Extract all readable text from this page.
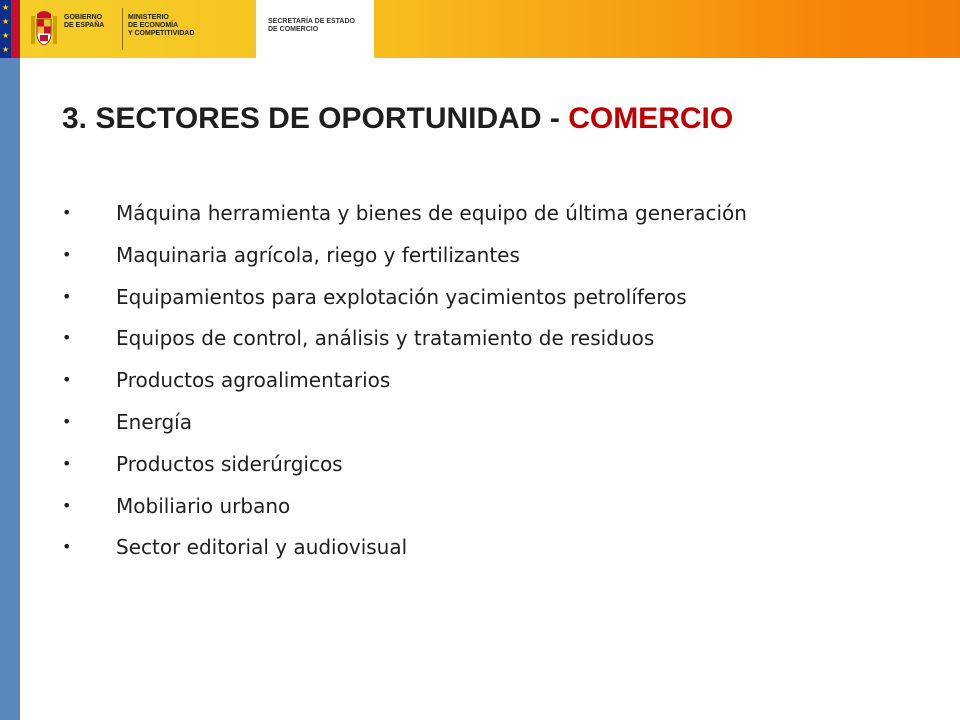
★
★
★
★
GOBIERNO
DE ESPAÑA
MINISTERIO
DE ECONOMÍA
Y COMPETITIVIDAD
SECRETARÍA DE ESTADO
DE COMERCIO
3. SECTORES DE OPORTUNIDAD - COMERCIO
•	Máquina herramienta y bienes de equipo de última generación
•	Maquinaria agrícola, riego y fertilizantes
•	Equipamientos para explotación yacimientos petrolíferos
•	Equipos de control, análisis y tratamiento de residuos
•	Productos agroalimentarios
•	Energía
•	Productos siderúrgicos
•	Mobiliario urbano
•	Sector editorial y audiovisual
